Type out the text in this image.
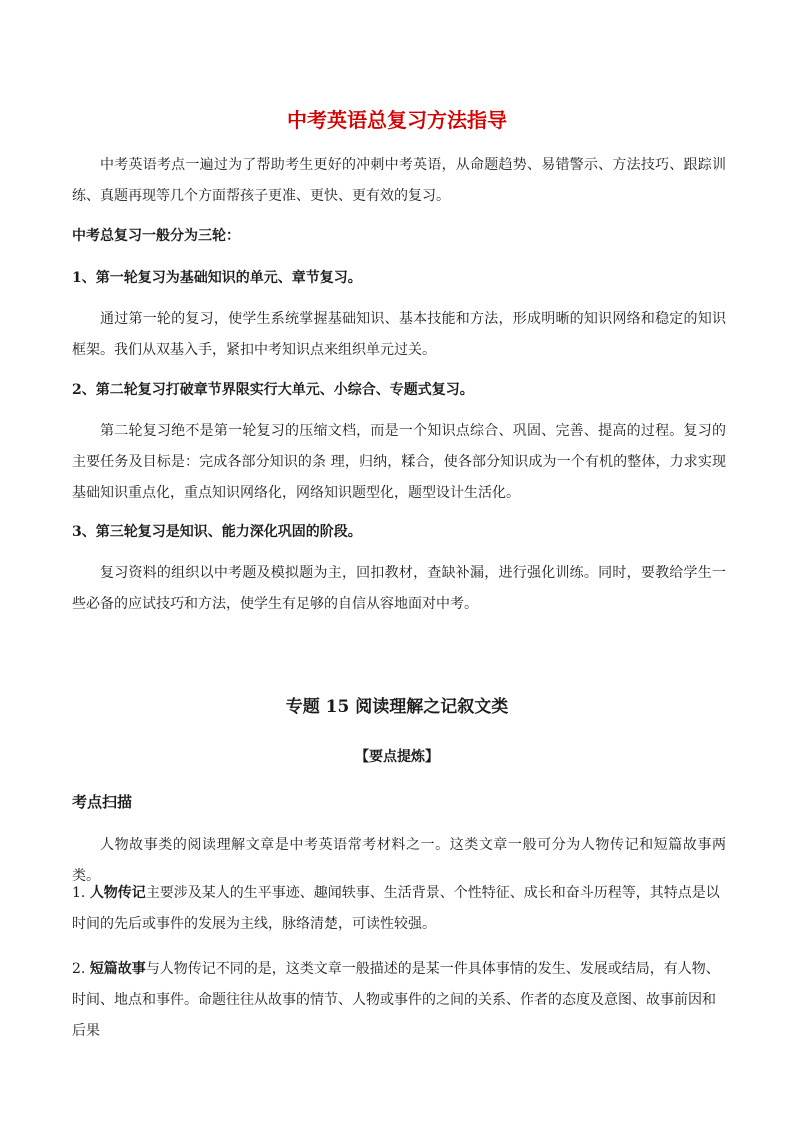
中考英语总复习方法指导

中考英语考点一遍过为了帮助考生更好的冲刺中考英语，从命题趋势、易错警示、方法技巧、跟踪训练、真题再现等几个方面帮孩子更准、更快、更有效的复习。

中考总复习一般分为三轮：

1、第一轮复习为基础知识的单元、章节复习。

通过第一轮的复习，使学生系统掌握基础知识、基本技能和方法，形成明晰的知识网络和稳定的知识框架。我们从双基入手，紧扣中考知识点来组织单元过关。

2、第二轮复习打破章节界限实行大单元、小综合、专题式复习。

第二轮复习绝不是第一轮复习的压缩文档，而是一个知识点综合、巩固、完善、提高的过程。复习的主要任务及目标是：完成各部分知识的条 理，归纳，糅合，使各部分知识成为一个有机的整体，力求实现基础知识重点化，重点知识网络化，网络知识题型化，题型设计生活化。

3、第三轮复习是知识、能力深化巩固的阶段。

复习资料的组织以中考题及模拟题为主，回扣教材，查缺补漏，进行强化训练。同时，要教给学生一些必备的应试技巧和方法，使学生有足够的自信从容地面对中考。

专题 15 阅读理解之记叙文类

【要点提炼】

考点扫描

人物故事类的阅读理解文章是中考英语常考材料之一。这类文章一般可分为人物传记和短篇故事两类。

1. 人物传记主要涉及某人的生平事迹、趣闻轶事、生活背景、个性特征、成长和奋斗历程等，其特点是以时间的先后或事件的发展为主线，脉络清楚，可读性较强。
2. 短篇故事与人物传记不同的是，这类文章一般描述的是某一件具体事情的发生、发展或结局，有人物、时间、地点和事件。命题往往从故事的情节、人物或事件的之间的关系、作者的态度及意图、故事前因和后果
